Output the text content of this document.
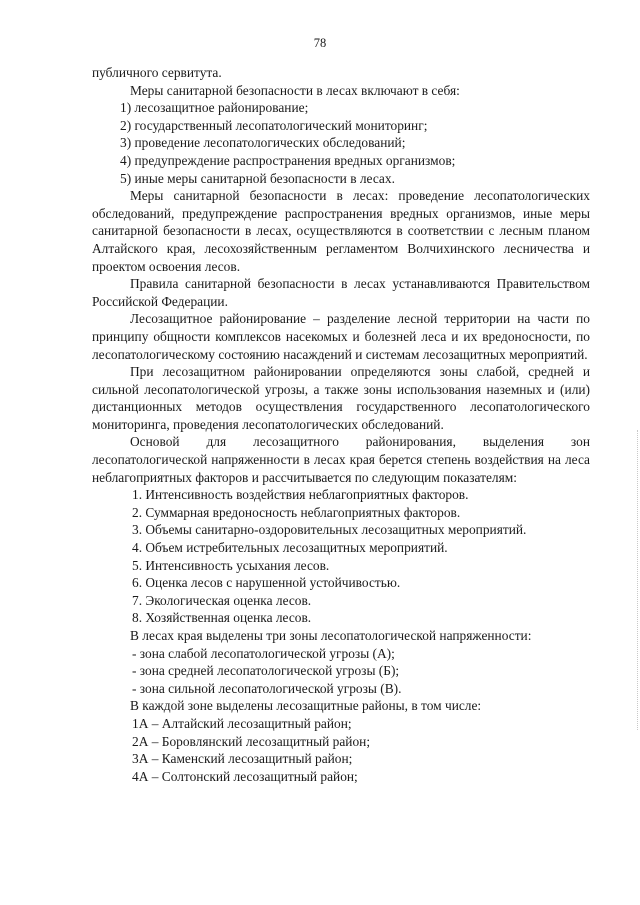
78

публичного сервитута.

Меры санитарной безопасности в лесах включают в себя:

1) лесозащитное районирование;
2) государственный лесопатологический мониторинг;
3) проведение лесопатологических обследований;
4) предупреждение распространения вредных организмов;
5) иные меры санитарной безопасности в лесах.

Меры санитарной безопасности в лесах: проведение лесопатологических обследований, предупреждение распространения вредных организмов, иные меры санитарной безопасности в лесах, осуществляются в соответствии с лесным планом Алтайского края, лесохозяйственным регламентом Волчихинского лесничества и проектом освоения лесов.

Правила санитарной безопасности в лесах устанавливаются Правительством Российской Федерации.

Лесозащитное районирование – разделение лесной территории на части по принципу общности комплексов насекомых и болезней леса и их вредоносности, по лесопатологическому состоянию насаждений и системам лесозащитных мероприятий.

При лесозащитном районировании определяются зоны слабой, средней и сильной лесопатологической угрозы, а также зоны использования наземных и (или) дистанционных методов осуществления государственного лесопатологического мониторинга, проведения лесопатологических обследований.

Основой для лесозащитного районирования, выделения зон лесопатологической напряженности в лесах края берется степень воздействия на леса неблагоприятных факторов и рассчитывается по следующим показателям:

1. Интенсивность воздействия неблагоприятных факторов.
2. Суммарная вредоносность неблагоприятных факторов.
3. Объемы санитарно-оздоровительных лесозащитных мероприятий.
4. Объем истребительных лесозащитных мероприятий.
5. Интенсивность усыхания лесов.
6. Оценка лесов с нарушенной устойчивостью.
7. Экологическая оценка лесов.
8. Хозяйственная оценка лесов.

В лесах края выделены три зоны лесопатологической напряженности:

- зона слабой лесопатологической угрозы (А);
- зона средней лесопатологической угрозы (Б);
- зона сильной лесопатологической угрозы (В).

В каждой зоне выделены лесозащитные районы, в том числе:

1А – Алтайский лесозащитный район;
2А – Боровлянский лесозащитный район;
3А – Каменский лесозащитный район;
4А – Солтонский лесозащитный район;
